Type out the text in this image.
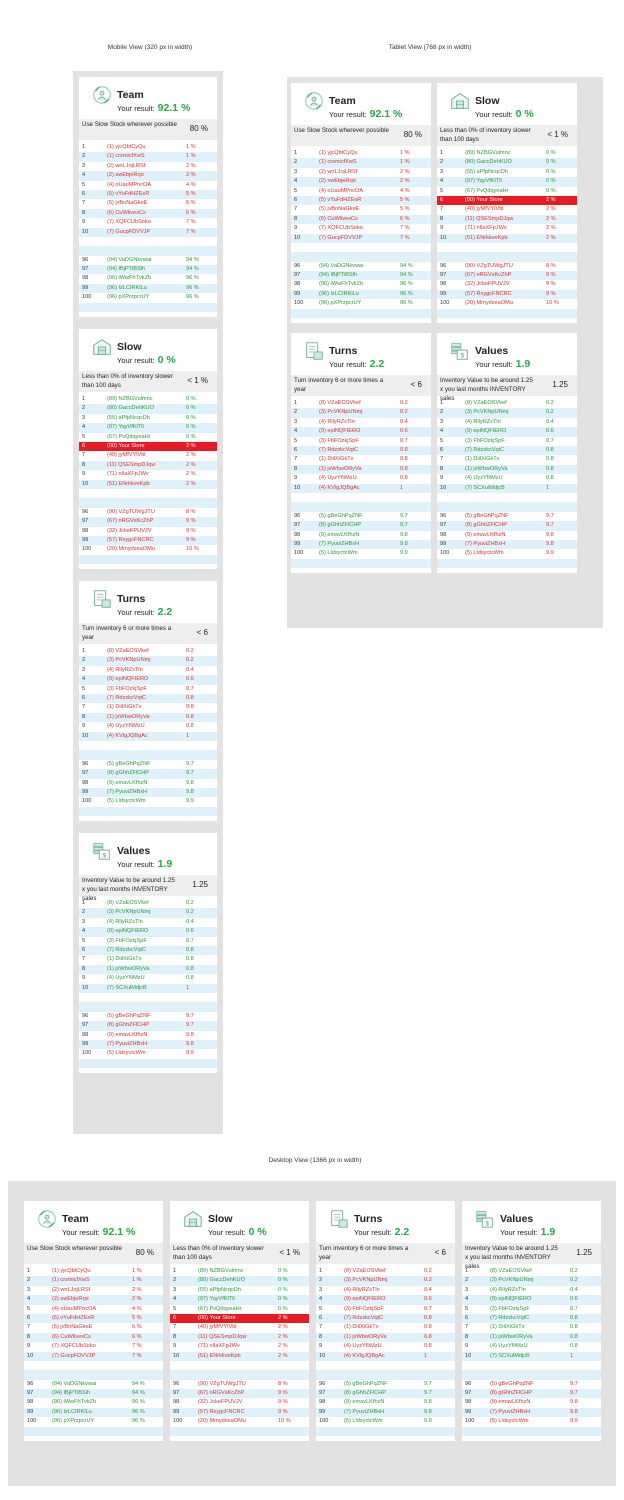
Mobile View (320 px in width)	Tablet View (768 px in width)
Desktop View (1366 px in width)
Team
Your result: 92.1 %
Use Slow Stock wherever possible 80 %
1	(1) yjcQbtCyQu	1 %
2	(1) crsmicfXwS	1 %
3	(2) wnLJojLRSf	2 %
4	(2) swEbjeRrpi	2 %
5	(4) oUauMPncOA	4 %
6	(5) vYuFdHZExR	5 %
7	(5) jvBnNaGkeE	5 %
8	(6) CuWlivexCs	6 %
9	(7) XQFCUbSoko	7 %
10	(7) GucpFDVVJP	7 %
96	(94) VaDGNkvwai	94 %
97	(94) IBjPTiBSlh	94 %
98	(96) iWwFhTvkZb	96 %
99	(96) IzLCIRKlLu	96 %
100	(96) pXPrzpcrUY	96 %
Slow
Your result: 0 %
Less than 0% of inventory slower than 100 days
< 1 %
1	(89) NZBGVulmnc	0 %
2	(80) GaccDehKUO	0 %
3	(55) aPfpNcqcDh	0 %
4	(97) YqyVfKlTll	0 %
5	(67) PvQdqyeaHr	0 %
6	(00) Your Store	2 %
7	(40) jyMfVYlVbl	2 %
8	(11) QSESmpDJqw	2 %
9	(71) nIlaXFpJWv	2 %
10	(51) ENrkkveKpb	2 %
96	(90) VZgTUWgJTU	8 %
97	(67) nRGVsKcZhP	9 %
98	(32) JckeFPUVJV	9 %
99	(57) RxygcFNCRC	9 %
100	(20) MmydxeaOMu	10 %
Turns
Your result: 2.2
Turn inventory 6 or more times a year
< 6
1	(8) VZaEOSVkef	0.2
2	(3) PcVKNpUNmj	0.2
3	(4) RllyRZsTln	0.4
4	(9) epiNQFtERO	0.6
5	(3) FbFOzkjSpF	0.7
6	(7) RdzzkcVqtC	0.8
7	(1) DiilXiGkTx	0.8
8	(1) jxWbwORyVa	0.8
9	(4) UyzYfIiMzU	0.8
10	(4) KVlgJQBgAc	1
96	(5) gBeGhPqZNF	9.7
97	(8) gGhhZFlCHP	9.7
98	(9) emavLKfhzN	9.8
99	(7) PyuviZHBxH	9.8
100	(5) LldsyctcWm	9.9
$ Values
Your result: 1.9
Inventory Value to be around 1.25 x you last months INVENTORY sales
1.25
1	(8) VZaEOSVkef	0.2
2	(3) PcVKNpUNmj	0.2
3	(4) RllyRZsTln	0.4
4	(9) epiNQFtERO	0.6
5	(3) FbFOzkjSpF	0.7
6	(7) RdzzkcVqtC	0.8
7	(1) DiilXiGkTx	0.8
8	(1) jxWbwORyVa	0.8
9	(4) UyzYfIiMzU	0.8
10	(7) SCXulMdjcB	1
96	(5) gBeGhPqZNF	9.7
97	(8) gGhhZFlCHP	9.7
98	(9) emavLKfhzN	9.8
99	(7) PyuviZHBxH	9.8
100	(5) LldsyctcWm	9.9
Team
Your result: 92.1 %
Use Slow Stock wherever possible 80 %
1	(1) yjcQbtCyQu	1 %
2	(1) crsmicfXwS	1 %
3	(2) wnLJojLRSf	2 %
4	(2) swEbjeRrpi	2 %
5	(4) oUauMPncOA	4 %
6	(5) vYuFdHZExR	5 %
7	(5) jvBnNaGkeE	5 %
8	(6) CuWlivexCs	6 %
9	(7) XQFCUbSoko	7 %
10	(7) GucpFDVVJP	7 %
96	(94) VaDGNkvwai	94 %
97	(94) IBjPTiBSlh	94 %
98	(96) iWwFhTvkZb	96 %
99	(96) IzLCIRKlLu	96 %
100	(96) pXPrzpcrUY	96 %
Turns
Your result: 2.2
Turn inventory 6 or more times a year
< 6
1	(8) VZaEOSVkef	0.2
2	(3) PcVKNpUNmj	0.2
3	(4) RllyRZsTln	0.4
4	(9) epiNQFtERO	0.6
5	(3) FbFOzkjSpF	0.7
6	(7) RdzzkcVqtC	0.8
7	(1) DiilXiGkTx	0.8
8	(1) jxWbwORyVa	0.8
9	(4) UyzYfIiMzU	0.8
10	(4) KVlgJQBgAc	1
96	(5) gBeGhPqZNF	9.7
97	(8) gGhhZFlCHP	9.7
98	(9) emavLKfhzN	9.8
99	(7) PyuviZHBxH	9.8
100	(5) LldsyctcWm	9.9
Slow
Your result: 0 %
Less than 0% of inventory slower than 100 days
< 1 %
1	(89) NZBGVulmnc	0 %
2	(80) GaccDehKUO	0 %
3	(55) aPfpNcqcDh	0 %
4	(97) YqyVfKlTll	0 %
5	(67) PvQdqyeaHr	0 %
6	(00) Your Store	2 %
7	(40) jyMfVYlVbl	2 %
8	(11) QSESmpDJqw	2 %
9	(71) nIlaXFpJWv	2 %
10	(51) ENrkkveKpb	2 %
96	(90) VZgTUWgJTU	8 %
97	(67) nRGVsKcZhP	9 %
98	(32) JckeFPUVJV	9 %
99	(57) RxygcFNCRC	9 %
100	(20) MmydxeaOMu	10 %
$ Values
Your result: 1.9
Inventory Value to be around 1.25 x you last months INVENTORY sales
1.25
1	(8) VZaEOSVkef	0.2
2	(3) PcVKNpUNmj	0.2
3	(4) RllyRZsTln	0.4
4	(9) epiNQFtERO	0.6
5	(3) FbFOzkjSpF	0.7
6	(7) RdzzkcVqtC	0.8
7	(1) DiilXiGkTx	0.8
8	(1) jxWbwORyVa	0.8
9	(4) UyzYfIiMzU	0.8
10	(7) SCXulMdjcB	1
96	(5) gBeGhPqZNF	9.7
97	(8) gGhhZFlCHP	9.7
98	(9) emavLKfhzN	9.8
99	(7) PyuviZHBxH	9.8
100	(5) LldsyctcWm	9.9
Team
Your result: 92.1 %
Use Slow Stock wherever possible 80 %
1	(1) yjcQbtCyQu	1 %
2	(1) crsmicfXwS	1 %
3	(2) wnLJojLRSf	2 %
4	(2) swEbjeRrpi	2 %
5	(4) oUauMPncOA	4 %
6	(5) vYuFdHZExR	5 %
7	(5) jvBnNaGkeE	5 %
8	(6) CuWlivexCs	6 %
9	(7) XQFCUbSoko	7 %
10	(7) GucpFDVVJP	7 %
96	(94) VaDGNkvwai	94 %
97	(94) IBjPTiBSlh	94 %
98	(96) iWwFhTvkZb	96 %
99	(96) IzLCIRKlLu	96 %
100	(96) pXPrzpcrUY	96 %
Slow
Your result: 0 %
Less than 0% of inventory slower than 100 days
< 1 %
1	(89) NZBGVulmnc	0 %
2	(80) GaccDehKUO	0 %
3	(55) aPfpNcqcDh	0 %
4	(97) YqyVfKlTll	0 %
5	(67) PvQdqyeaHr	0 %
6	(00) Your Store	2 %
7	(40) jyMfVYlVbl	2 %
8	(11) QSESmpDJqw	2 %
9	(71) nIlaXFpJWv	2 %
10	(51) ENrkkveKpb	2 %
96	(90) VZgTUWgJTU	8 %
97	(67) nRGVsKcZhP	9 %
98	(32) JckeFPUVJV	9 %
99	(57) RxygcFNCRC	9 %
100	(20) MmydxeaOMu	10 %
Turns
Your result: 2.2
Turn inventory 6 or more times a year
< 6
1	(8) VZaEOSVkef	0.2
2	(3) PcVKNpUNmj	0.2
3	(4) RllyRZsTln	0.4
4	(9) epiNQFtERO	0.6
5	(3) FbFOzkjSpF	0.7
6	(7) RdzzkcVqtC	0.8
7	(1) DiilXiGkTx	0.8
8	(1) jxWbwORyVa	0.8
9	(4) UyzYfIiMzU	0.8
10	(4) KVlgJQBgAc	1
96	(5) gBeGhPqZNF	9.7
97	(8) gGhhZFlCHP	9.7
98	(9) emavLKfhzN	9.8
99	(7) PyuviZHBxH	9.8
100	(5) LldsyctcWm	9.9
$ Values
Your result: 1.9
Inventory Value to be around 1.25 x you last months INVENTORY sales
1.25
1	(8) VZaEOSVkef	0.2
2	(3) PcVKNpUNmj	0.2
3	(4) RllyRZsTln	0.4
4	(9) epiNQFtERO	0.6
5	(3) FbFOzkjSpF	0.7
6	(7) RdzzkcVqtC	0.8
7	(1) DiilXiGkTx	0.8
8	(1) jxWbwORyVa	0.8
9	(4) UyzYfIiMzU	0.8
10	(7) SCXulMdjcB	1
96	(5) gBeGhPqZNF	9.7
97	(8) gGhhZFlCHP	9.7
98	(9) emavLKfhzN	9.8
99	(7) PyuviZHBxH	9.8
100	(5) LldsyctcWm	9.9
